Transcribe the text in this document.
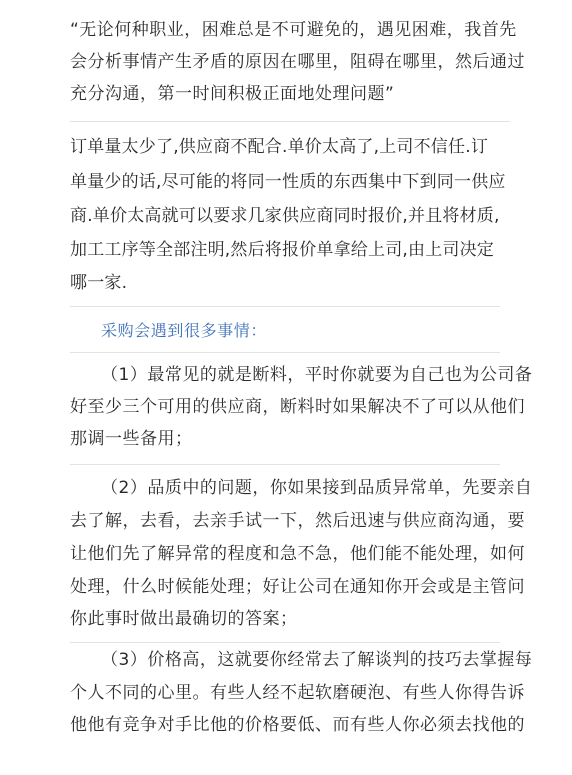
“无论何种职业，困难总是不可避免的，遇见困难，我首先
会分析事情产生矛盾的原因在哪里，阻碍在哪里，然后通过
充分沟通，第一时间积极正面地处理问题”
订单量太少了,供应商不配合.单价太高了,上司不信任.订
单量少的话,尽可能的将同一性质的东西集中下到同一供应
商.单价太高就可以要求几家供应商同时报价,并且将材质,
加工工序等全部注明,然后将报价单拿给上司,由上司决定
哪一家.
采购会遇到很多事情：
（1）最常见的就是断料，平时你就要为自己也为公司备
好至少三个可用的供应商，断料时如果解决不了可以从他们
那调一些备用；
（2）品质中的问题，你如果接到品质异常单，先要亲自
去了解，去看，去亲手试一下，然后迅速与供应商沟通，要
让他们先了解异常的程度和急不急，他们能不能处理，如何
处理，什么时候能处理；好让公司在通知你开会或是主管问
你此事时做出最确切的答案；
（3）价格高，这就要你经常去了解谈判的技巧去掌握每
个人不同的心里。有些人经不起软磨硬泡、有些人你得告诉
他他有竞争对手比他的价格要低、而有些人你必须去找他的
